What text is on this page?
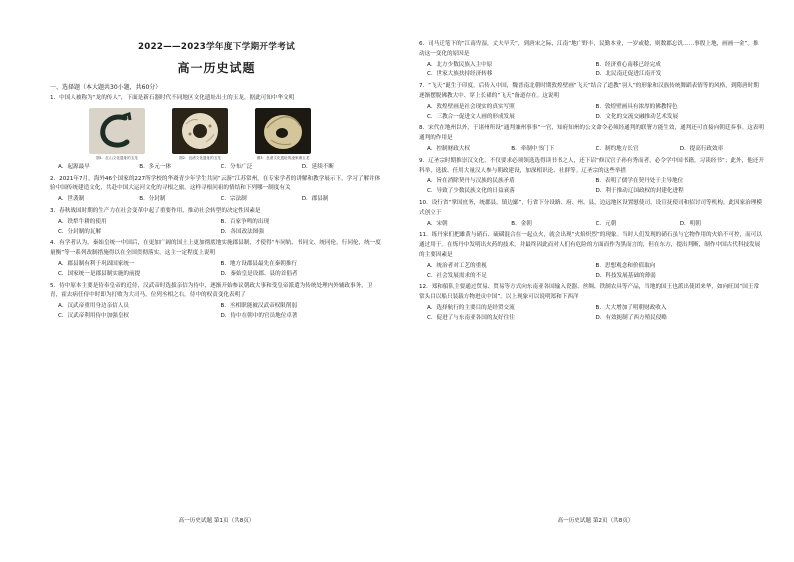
2022——2023学年度下学期开学考试
高一历史试题
一、选择题（本大题共30小题，共60分）
1．中国人被称为“龙的传人”，下面是新石器时代不同地区文化遗址出土的玉龙，据此可知中华文明
图1：红山文化遗址的玉龙	图2：良渚文化遗址的玉龙	图3：良渚文化遗址的凌家滩玉龙
A．起源最早	B．多元一体	C．分布广泛	D．延续不断
2．2021年7月，海外46个国家的227所学校的华裔青少年学生共同“云游”江苏常州，在专家学者的讲解和教学展示下，学习了解并体验中国传统建造文化，共赴中国大运河文化的寻根之旅。这样寻根问祖的情结和下列哪一制度有关
A．世袭制	B．分封制	C．宗法制	D．郡县制
3．春秋战国时期的生产力在社会变革中起了重要作用，推动社会转型的决定性因素是
A．铁犁牛耕的使用	B．百家争鸣的出现
C．分封制的瓦解	D．各国改法图强
4．有学者认为，秦始皇统一中国后，在更加广阔的国土上更加彻底地实施郡县制，才使得“车同轨、书同文、统同伦，行同伦，统一度量衡”等一系列改制措施得以在全国贯彻落实，这主一定程度上说明
A．郡县制有利于巩固国家统一	B．地方设郡县最先在秦朝推行
C．国家统一是郡县制实施的前提	D．秦始皇是设郡、县的首倡者
5．侍中原本主要是侍奉皇帝的近侍，汉武帝时选拔亲信为侍中，逐渐开始参议朝政大事和受皇帝派遣为传统处理内外辅政事务，卫青，霍去病任侍中时即为打败为大司马，位列丞相之右。侍中的权责变化表明了
A．汉武帝重用身边亲信人员	B．丞相职能被汉武帝权限削弱
C．汉武帝利用侍中加强皇权	D．侍中在朝中的官员地位卓著
高一历史试题 第1页（共8页）
6．司马迁笔下的“江南卑湿，丈夫早夭”，到唐宋之际，江南“地广野丰，民勤本业，一岁或稔，则数郡忘饥……事殷上地，画画一金”。推动这一变化的原因是
A．北方少数民族入主中原	B．经济重心南移已经完成
C．世家大族扶持经济转移	D．北民南迁促进江南开发
7．“飞天”诞生于印度，后传入中国，魏晋南北朝时期敦煌壁画“飞天”结合了道教“羽人”的形象和汉族传统舞蹈表情等的风格，到隋唐时期逐渐摆脱佛教大中、穿上长裙的“飞天”备道存在。这说明
A．敦煌壁画是社会现实的真实写照	B．敦煌壁画具有浓厚的佛教特色
C．三教合一促进文人画的形成发展	D．文化的交流交融推动艺术发展
8．宋代在地州以外，于诸州所设“通判兼州事事”一官，知府知州的公文命令必须经通判的联署方能生效，通判还可直接向朝廷奏事。这表明通判的作用是
A．控制财政大权	B．牵制中书门下	C．制约地方长官	D．提高行政效率
9．辽圣宗时期推崇汉文化，不仅要求必须领选选得读书书之人，还下诏“修汉官子孙有秀而者，必令学中国书籍，习读经书”；此外，他还开科举，选拔、任用大量汉人参与朝政建设，加深相识论、社群等。辽圣宗的这些举措
A．旨在消除契丹与汉族的民族矛盾	B．表明了儒学在契丹处于主导地位
C．导致了少数民族文化的日益衰落	D．利于推动辽国政权的封建化进程
10．设行省“掌国庶务，统郡县，镇边鄙”，行省下分设路、府、州、县，边远地区设置慰使司，设宣抚使司和招讨司等机构。此因家治理模式创立于
A．宋朝	B．金朝	C．元朝	D．明朝
11．练丹家们把雄黄与硝石、硫磺混合在一起点火，就会出现“火焰炽烈”的现象。当时人们发现的硝石虽与它物作用的火焰不可控，而可以通过用于。在炼丹中发明出火药的技术，并最终因此而对人们有危险的方面而作为黑而言的，但在东方，提出判断，制作中国古代科技发展的主要因素是
A．统治者对工艺的重视	B．思想观念和价值取向
C．社会发展需求的不足	D．科技发展基础的薄弱
12．郑和船队主要通过贸易、贸易等方式向东南亚各国输入瓷器、丝绸、铁制农具等产品，当地的国王也派出使团来华，如向旺国“国王常常头目以船只装载方物进贡中国”。以上现象可以说明郑和下西洋
A．选择航行的主要目的是经贸交流	B．大大增加了明朝财政收入
C．促进了与东南亚各国的友好往往	D．有效扼制了西方殖民侵略
高一历史试题 第2页（共8页）
